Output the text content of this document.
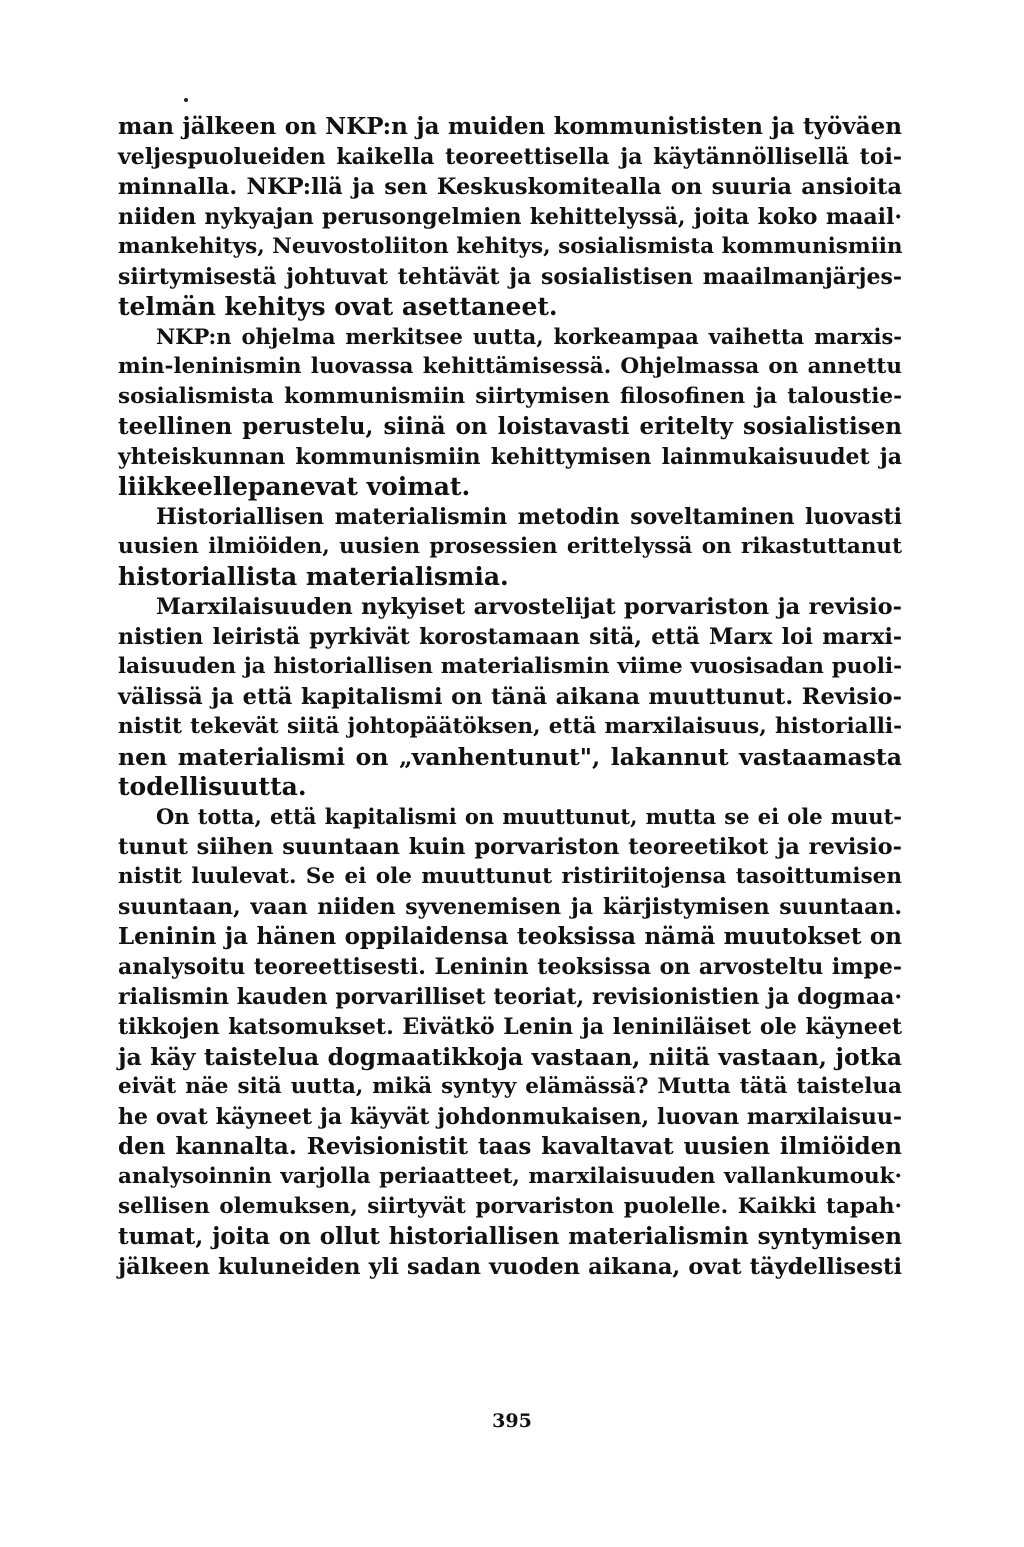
man jälkeen on NKP:n ja muiden kommunististen ja työväen
veljespuolueiden kaikella teoreettisella ja käytännöllisellä toi-
minnalla. NKP:llä ja sen Keskuskomitealla on suuria ansioita
niiden nykyajan perusongelmien kehittelyssä, joita koko maail·
mankehitys, Neuvostoliiton kehitys, sosialismista kommunismiin
siirtymisestä johtuvat tehtävät ja sosialistisen maailmanjärjes-
telmän kehitys ovat asettaneet.
NKP:n ohjelma merkitsee uutta, korkeampaa vaihetta marxis-
min-leninismin luovassa kehittämisessä. Ohjelmassa on annettu
sosialismista kommunismiin siirtymisen filosofinen ja taloustie-
teellinen perustelu, siinä on loistavasti eritelty sosialistisen
yhteiskunnan kommunismiin kehittymisen lainmukaisuudet ja
liikkeellepanevat voimat.
Historiallisen materialismin metodin soveltaminen luovasti
uusien ilmiöiden, uusien prosessien erittelyssä on rikastuttanut
historiallista materialismia.
Marxilaisuuden nykyiset arvostelijat porvariston ja revisio-
nistien leiristä pyrkivät korostamaan sitä, että Marx loi marxi-
laisuuden ja historiallisen materialismin viime vuosisadan puoli-
välissä ja että kapitalismi on tänä aikana muuttunut. Revisio-
nistit tekevät siitä johtopäätöksen, että marxilaisuus, historialli-
nen materialismi on „vanhentunut", lakannut vastaamasta
todellisuutta.
On totta, että kapitalismi on muuttunut, mutta se ei ole muut-
tunut siihen suuntaan kuin porvariston teoreetikot ja revisio-
nistit luulevat. Se ei ole muuttunut ristiriitojensa tasoittumisen
suuntaan, vaan niiden syvenemisen ja kärjistymisen suuntaan.
Leninin ja hänen oppilaidensa teoksissa nämä muutokset on
analysoitu teoreettisesti. Leninin teoksissa on arvosteltu impe-
rialismin kauden porvarilliset teoriat, revisionistien ja dogmaa·
tikkojen katsomukset. Eivätkö Lenin ja leniniläiset ole käyneet
ja käy taistelua dogmaatikkoja vastaan, niitä vastaan, jotka
eivät näe sitä uutta, mikä syntyy elämässä? Mutta tätä taistelua
he ovat käyneet ja käyvät johdonmukaisen, luovan marxilaisuu-
den kannalta. Revisionistit taas kavaltavat uusien ilmiöiden
analysoinnin varjolla periaatteet, marxilaisuuden vallankumouk·
sellisen olemuksen, siirtyvät porvariston puolelle. Kaikki tapah·
tumat, joita on ollut historiallisen materialismin syntymisen
jälkeen kuluneiden yli sadan vuoden aikana, ovat täydellisesti
395
